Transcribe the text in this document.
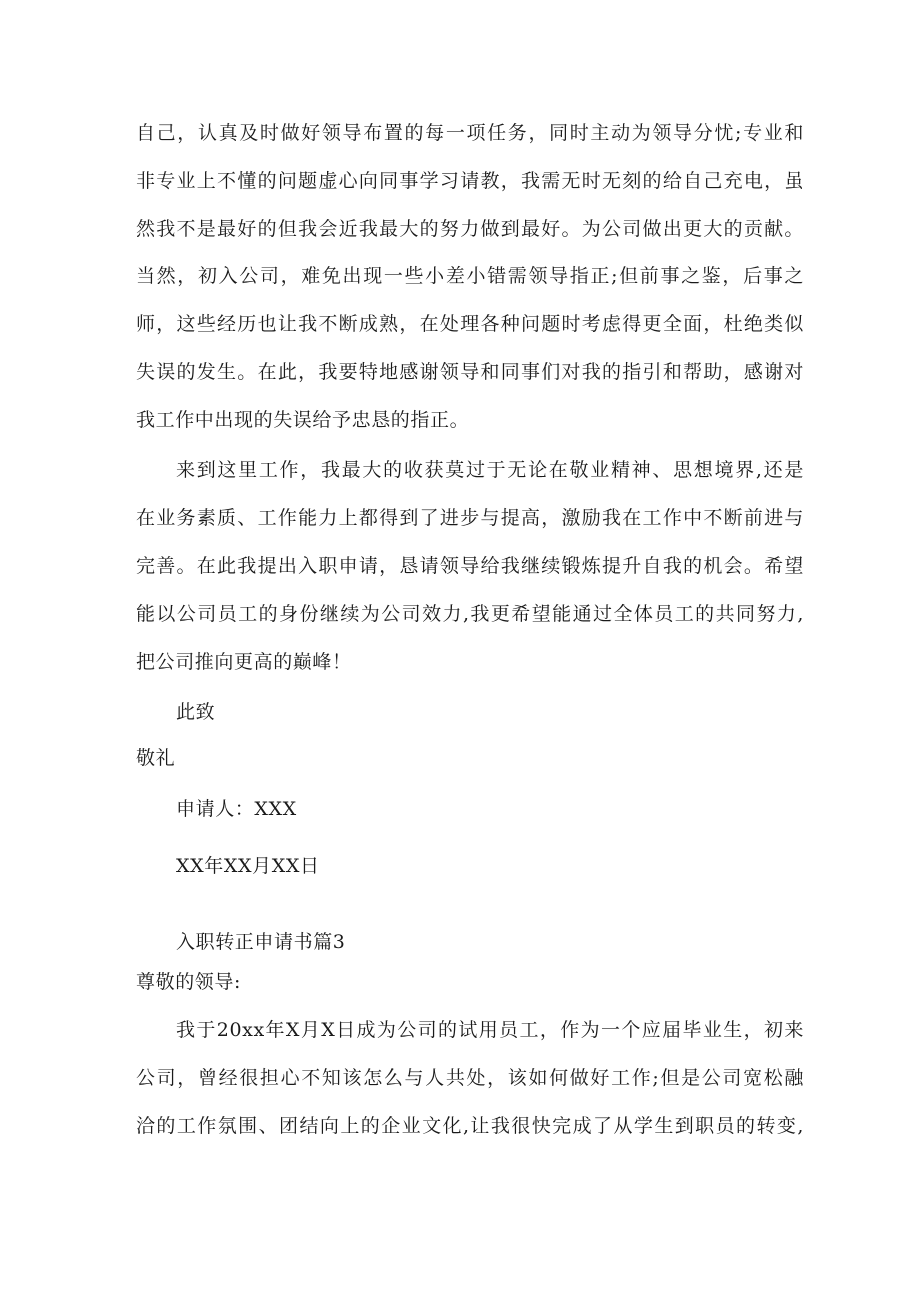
自己，认真及时做好领导布置的每一项任务，同时主动为领导分忧;专业和
非专业上不懂的问题虚心向同事学习请教，我需无时无刻的给自己充电，虽
然我不是最好的但我会近我最大的努力做到最好。为公司做出更大的贡献。
当然，初入公司，难免出现一些小差小错需领导指正;但前事之鉴，后事之
师，这些经历也让我不断成熟，在处理各种问题时考虑得更全面，杜绝类似
失误的发生。在此，我要特地感谢领导和同事们对我的指引和帮助，感谢对
我工作中出现的失误给予忠恳的指正。
来到这里工作，我最大的收获莫过于无论在敬业精神、思想境界,还是
在业务素质、工作能力上都得到了进步与提高，激励我在工作中不断前进与
完善。在此我提出入职申请，恳请领导给我继续锻炼提升自我的机会。希望
能以公司员工的身份继续为公司效力,我更希望能通过全体员工的共同努力,
把公司推向更高的巅峰！
此致
敬礼
申请人：XXX
XX年XX月XX日
入职转正申请书篇3
尊敬的领导:
我于20xx年X月X日成为公司的试用员工，作为一个应届毕业生，初来
公司，曾经很担心不知该怎么与人共处，该如何做好工作;但是公司宽松融
洽的工作氛围、团结向上的企业文化,让我很快完成了从学生到职员的转变,
